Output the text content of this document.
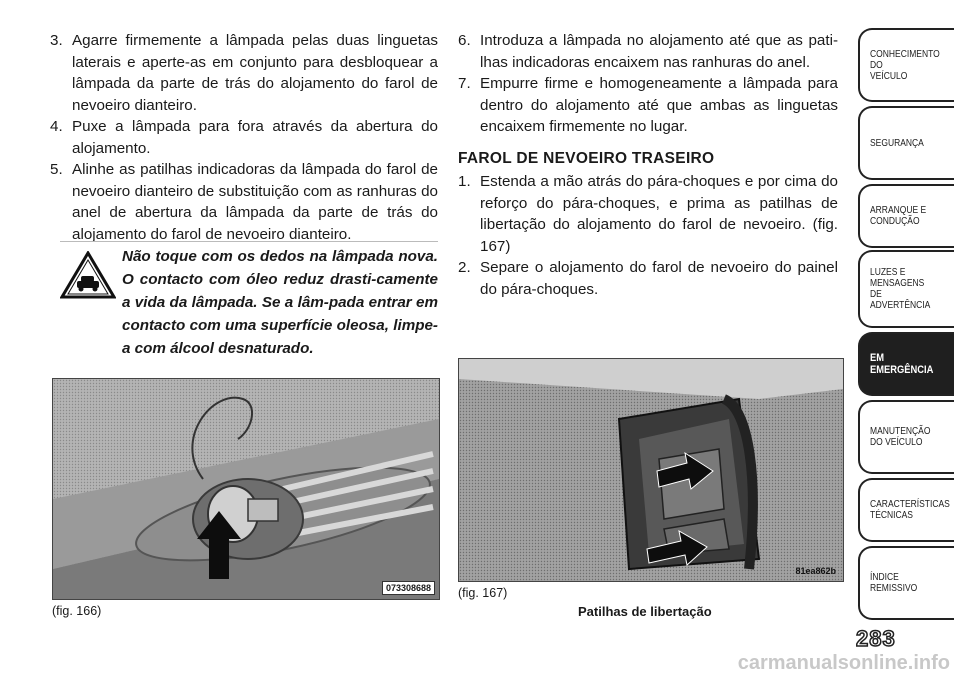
3. Agarre firmemente a lâmpada pelas duas linguetas laterais e aperte-as em conjunto para desbloquear a lâmpada da parte de trás do alojamento do farol de nevoeiro dianteiro.
4. Puxe a lâmpada para fora através da abertura do alojamento.
5. Alinhe as patilhas indicadoras da lâmpada do farol de nevoeiro dianteiro de substituição com as ranhuras do anel de abertura da lâmpada da parte de trás do alojamento do farol de nevoeiro dianteiro.
Não toque com os dedos na lâmpada nova. O contacto com óleo reduz drasti-camente a vida da lâmpada. Se a lâm-pada entrar em contacto com uma superfície oleosa, limpe-a com álcool desnaturado.
073308688
(fig. 166)
6. Introduza a lâmpada no alojamento até que as pati-lhas indicadoras encaixem nas ranhuras do anel.
7. Empurre firme e homogeneamente a lâmpada para dentro do alojamento até que ambas as linguetas encaixem firmemente no lugar.
FAROL DE NEVOEIRO TRASEIRO
1. Estenda a mão atrás do pára-choques e por cima do reforço do pára-choques, e prima as patilhas de libertação do alojamento do farol de nevoeiro. (fig. 167)
2. Separe o alojamento do farol de nevoeiro do painel do pára-choques.
81ea862b
(fig. 167)
Patilhas de libertação
CONHECIMENTO
DO
VEÍCULO
SEGURANÇA
ARRANQUE E
CONDUÇÃO
LUZES E
MENSAGENS
DE
ADVERTÊNCIA
EM
EMERGÊNCIA
MANUTENÇÃO
DO VEÍCULO
CARACTERÍSTICAS
TÉCNICAS
ÍNDICE
REMISSIVO
283
carmanualsonline.info
